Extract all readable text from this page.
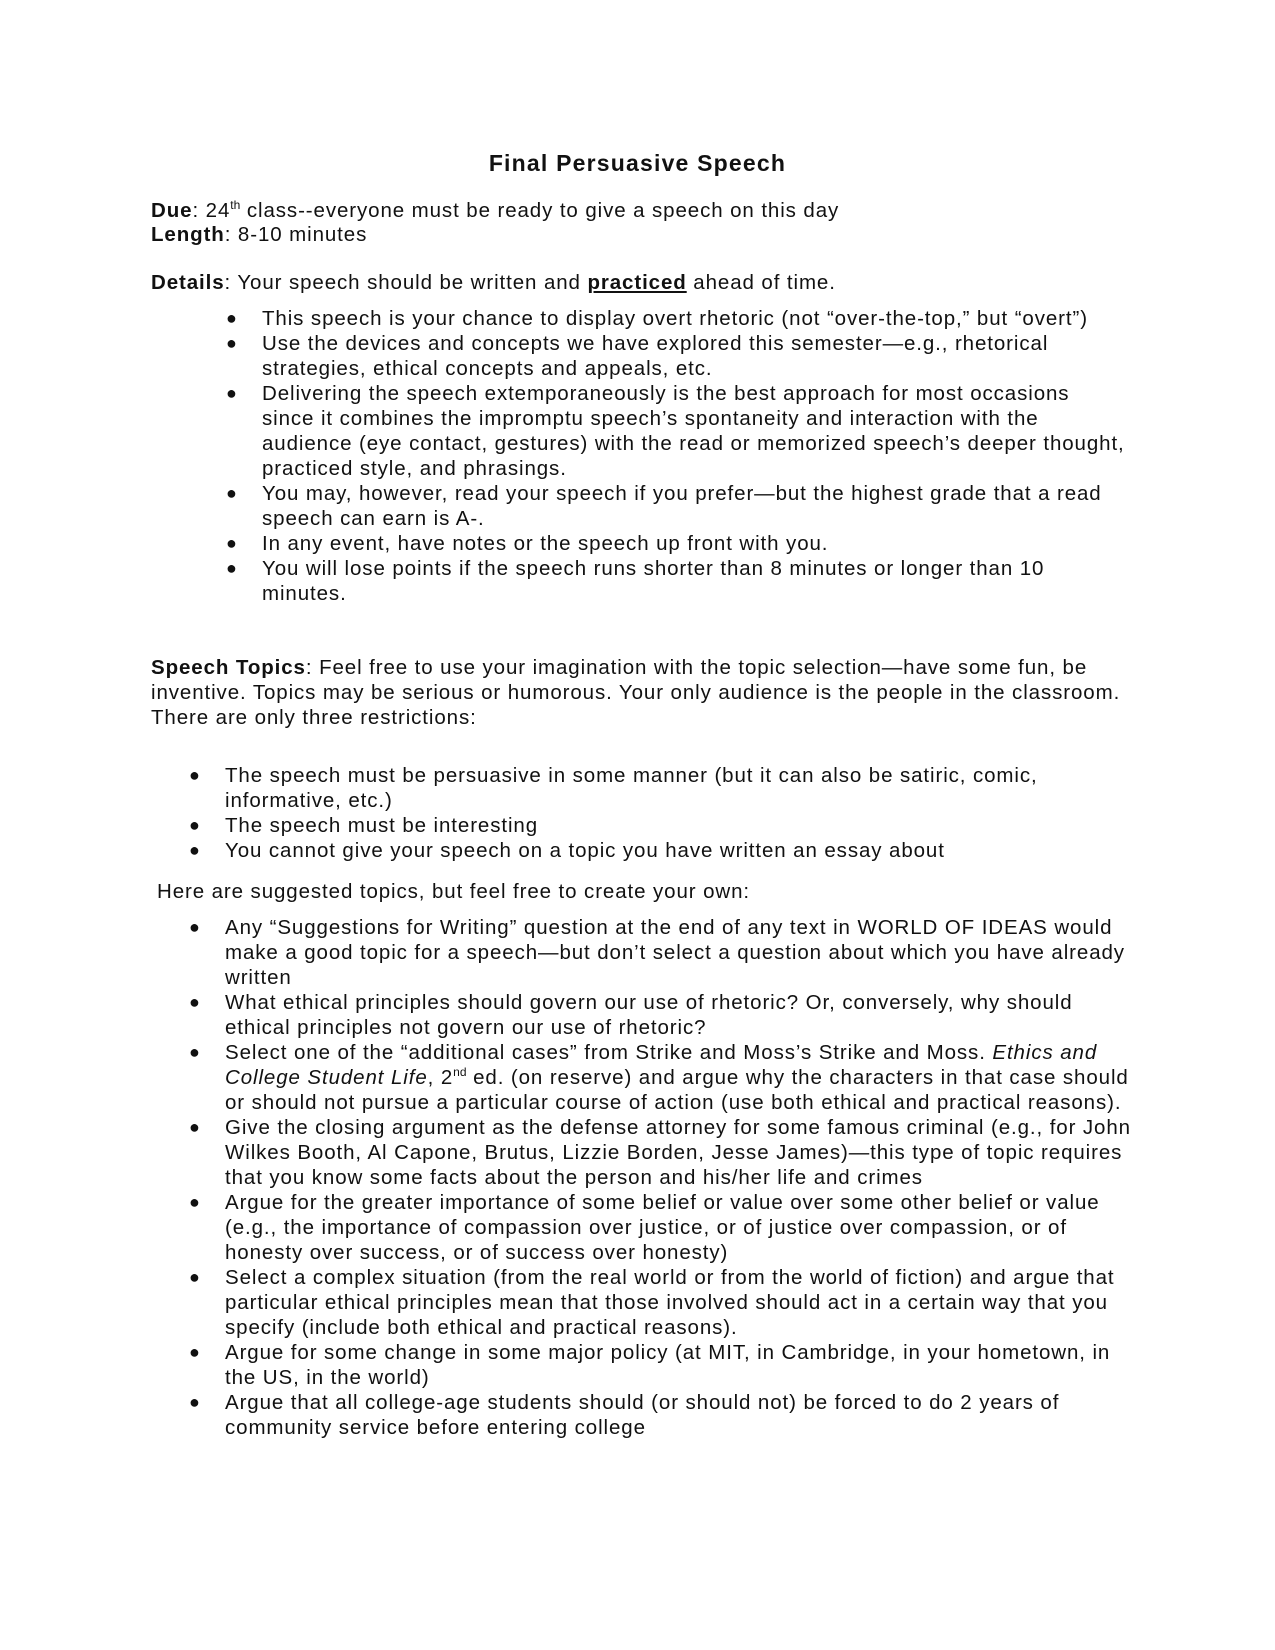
Final Persuasive Speech

Due: 24th class--everyone must be ready to give a speech on this day

Length: 8-10 minutes

Details: Your speech should be written and practiced ahead of time.

● This speech is your chance to display overt rhetoric (not “over-the-top,” but “overt”)
● Use the devices and concepts we have explored this semester—e.g., rhetorical strategies, ethical concepts and appeals, etc.
● Delivering the speech extemporaneously is the best approach for most occasions since it combines the impromptu speech’s spontaneity and interaction with the audience (eye contact, gestures) with the read or memorized speech’s deeper thought, practiced style, and phrasings.
● You may, however, read your speech if you prefer—but the highest grade that a read speech can earn is A-.
● In any event, have notes or the speech up front with you.
● You will lose points if the speech runs shorter than 8 minutes or longer than 10 minutes.

Speech Topics: Feel free to use your imagination with the topic selection—have some fun, be inventive. Topics may be serious or humorous. Your only audience is the people in the classroom. There are only three restrictions:

● The speech must be persuasive in some manner (but it can also be satiric, comic, informative, etc.)
● The speech must be interesting
● You cannot give your speech on a topic you have written an essay about

Here are suggested topics, but feel free to create your own:

● Any “Suggestions for Writing” question at the end of any text in WORLD OF IDEAS would make a good topic for a speech—but don’t select a question about which you have already written
● What ethical principles should govern our use of rhetoric? Or, conversely, why should ethical principles not govern our use of rhetoric?
● Select one of the “additional cases” from Strike and Moss’s Strike and Moss. Ethics and College Student Life, 2nd ed. (on reserve) and argue why the characters in that case should or should not pursue a particular course of action (use both ethical and practical reasons).
● Give the closing argument as the defense attorney for some famous criminal (e.g., for John Wilkes Booth, Al Capone, Brutus, Lizzie Borden, Jesse James)—this type of topic requires that you know some facts about the person and his/her life and crimes
● Argue for the greater importance of some belief or value over some other belief or value (e.g., the importance of compassion over justice, or of justice over compassion, or of honesty over success, or of success over honesty)
● Select a complex situation (from the real world or from the world of fiction) and argue that particular ethical principles mean that those involved should act in a certain way that you specify (include both ethical and practical reasons).
● Argue for some change in some major policy (at MIT, in Cambridge, in your hometown, in the US, in the world)
● Argue that all college-age students should (or should not) be forced to do 2 years of community service before entering college
